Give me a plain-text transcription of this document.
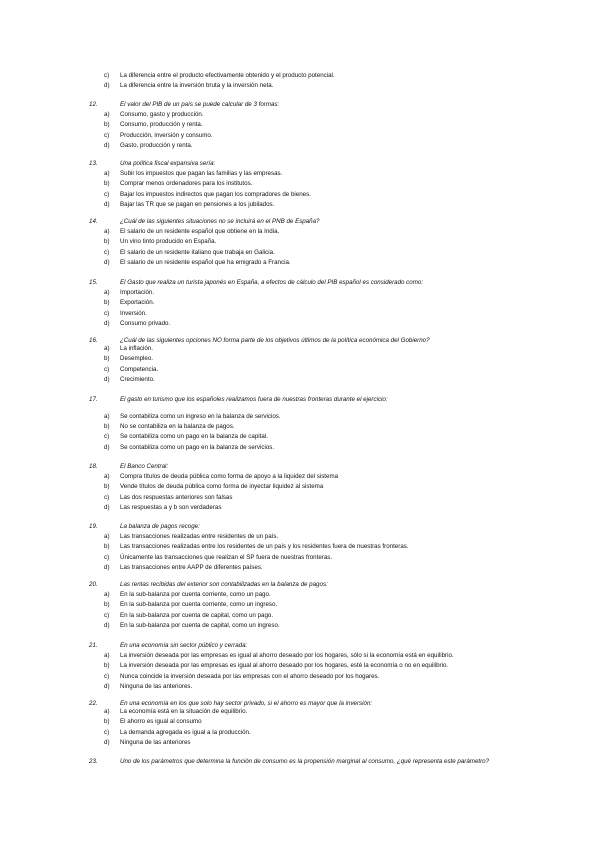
c) La diferencia entre el producto efectivamente obtenido y el producto potencial.
d) La diferencia entre la inversión bruta y la inversión neta.
12.	El valor del PIB de un país se puede calcular de 3 formas:
a) Consumo, gasto y producción.
b) Consumo, producción y renta.
c) Producción, inversión y consumo.
d) Gasto, producción y renta.
13.	Una política fiscal expansiva sería:
a) Subir los impuestos que pagan las familias y las empresas.
b) Comprar menos ordenadores para los institutos.
c) Bajar los impuestos indirectos que pagan los compradores de bienes.
d) Bajar las TR que se pagan en pensiones a los jubilados.
14.	¿Cuál de las siguientes situaciones no se incluirá en el PNB de España?
a) El salario de un residente español que obtiene en la India.
b) Un vino tinto producido en España.
c) El salario de un residente italiano que trabaja en Galicia.
d) El salario de un residente español que ha emigrado a Francia.
15.	El Gasto que realiza un turista japonés en España, a efectos de cálculo del PIB español es considerado como:
a) Importación.
b) Exportación.
c) Inversión.
d) Consumo privado.
16.	¿Cuál de las siguientes opciones NO forma parte de los objetivos últimos de la política económica del Gobierno?
a) La inflación.
b) Desempleo.
c) Competencia.
d) Crecimiento.
17.	El gasto en turismo que los españoles realizamos fuera de nuestras fronteras durante el ejercicio:
a) Se contabiliza como un ingreso en la balanza de servicios.
b) No se contabiliza en la balanza de pagos.
c) Se contabiliza como un pago en la balanza de capital.
d) Se contabiliza como un pago en la balanza de servicios.
18.	El Banco Central:
a) Compra títulos de deuda pública como forma de apoyo a la liquidez del sistema
b) Vende títulos de deuda pública como forma de inyectar liquidez al sistema
c) Las dos respuestas anteriores son falsas
d) Las respuestas a y b son verdaderas
19.	La balanza de pagos recoge:
a) Las transacciones realizadas entre residentes de un país.
b) Las transacciones realizadas entre los residentes de un país y los residentes fuera de nuestras fronteras.
c) Únicamente las transacciones que realizan el SP fuera de nuestras fronteras.
d) Las transacciones entre AAPP de diferentes países.
20.	Las rentas recibidas del exterior son contabilizadas en la balanza de pagos:
a) En la sub-balanza por cuenta corriente, como un pago.
b) En la sub-balanza por cuenta corriente, como un ingreso.
c) En la sub-balanza por cuenta de capital, como un pago.
d) En la sub-balanza por cuenta de capital, como un ingreso.
21.	En una economía sin sector público y cerrada:
a) La inversión deseada por las empresas es igual al ahorro deseado por los hogares, sólo si la economía está en equilibrio.
b) La inversión deseada por las empresas es igual al ahorro deseado por los hogares, esté la economía o no en equilibrio.
c) Nunca coincide la inversión deseada por las empresas con el ahorro deseado por los hogares.
d) Ninguna de las anteriores.
22.	En una economía en los que solo hay sector privado, si el ahorro es mayor que la inversión:
a) La economía está en la situación de equilibrio.
b) El ahorro es igual al consumo
c) La demanda agregada es igual a la producción.
d) Ninguna de las anteriores
23.	Uno de los parámetros que determina la función de consumo es la propensión marginal al consumo, ¿qué representa este parámetro?
